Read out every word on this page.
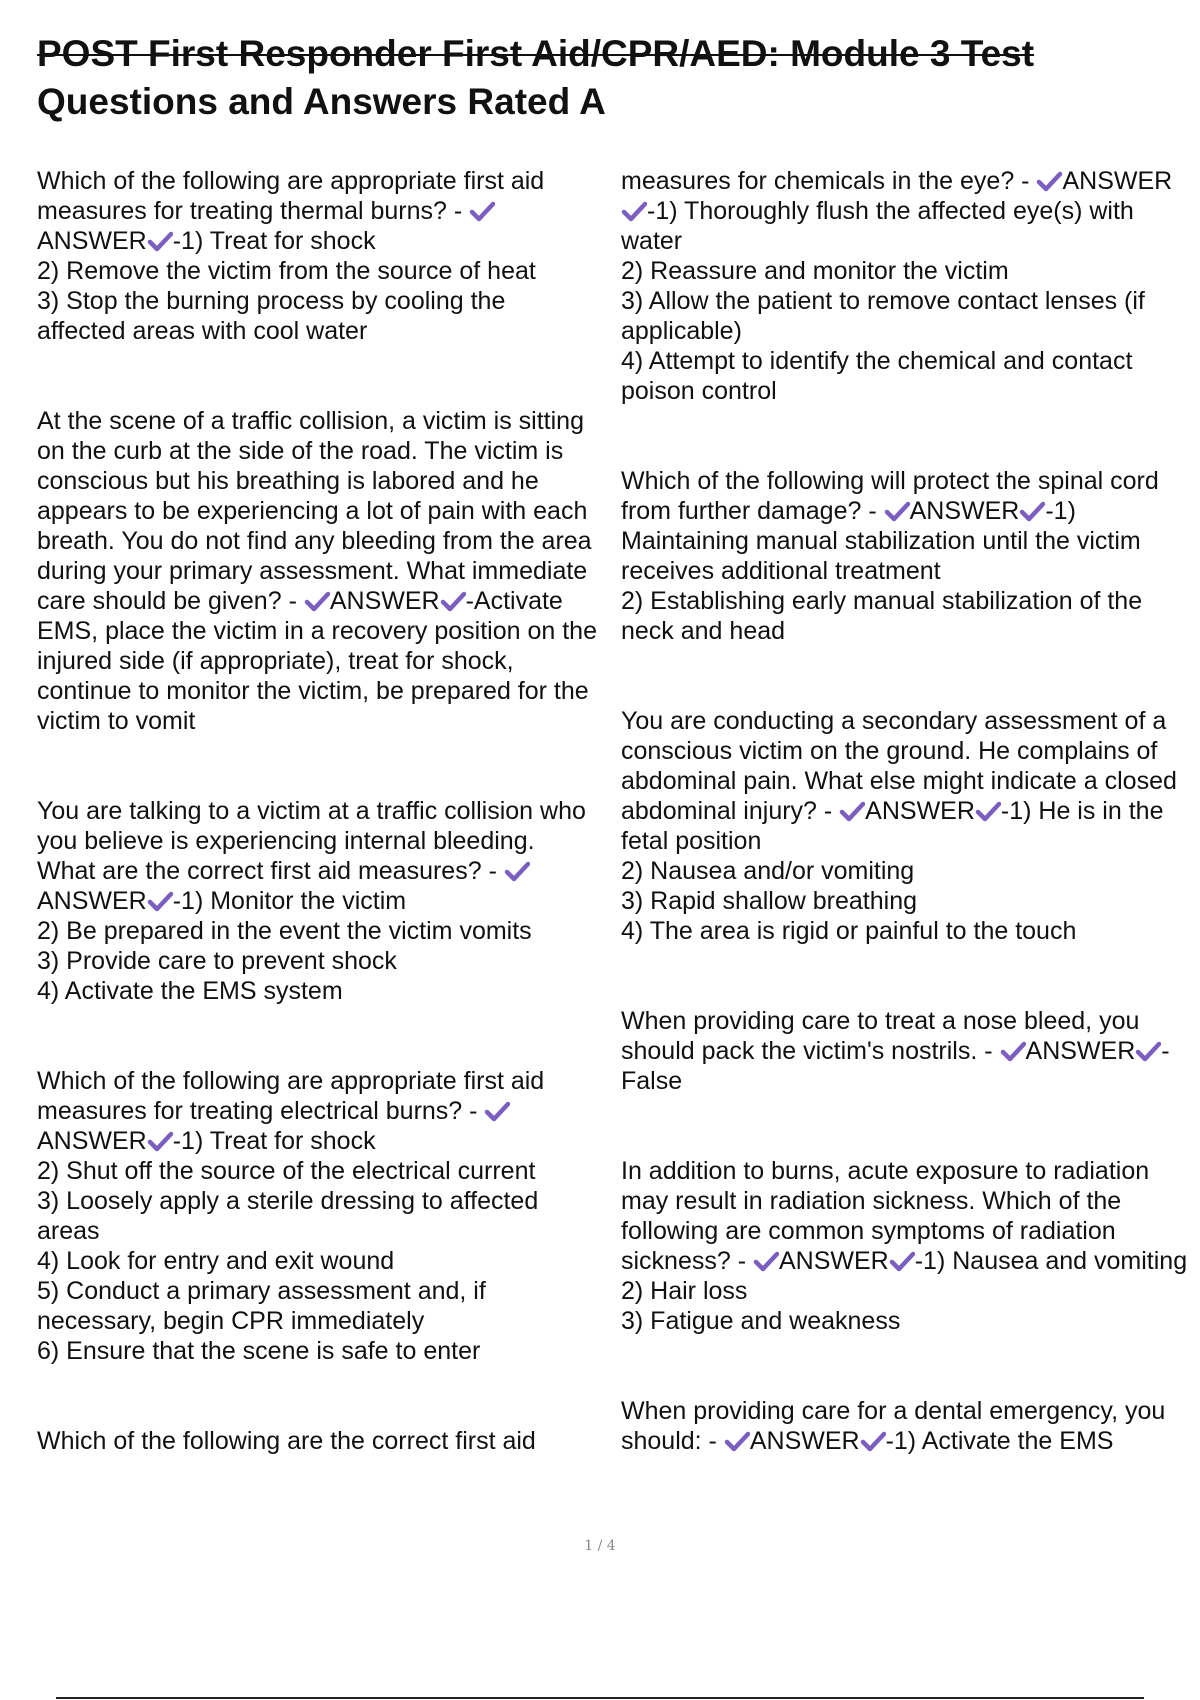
POST First Responder First Aid/CPR/AED: Module 3 Test
Questions and Answers Rated A

Which of the following are appropriate first aid measures for treating thermal burns? -
ANSWER -1) Treat for shock

2) Remove the victim from the source of heat
3) Stop the burning process by cooling the affected areas with cool water

At the scene of a traffic collision, a victim is sitting on the curb at the side of the road. The victim is conscious but his breathing is labored and he appears to be experiencing a lot of pain with each breath. You do not find any bleeding from the area during your primary assessment. What immediate care should be given? - ANSWER -Activate EMS, place the victim in a recovery position on the injured side (if appropriate), treat for shock, continue to monitor the victim, be prepared for the victim to vomit

You are talking to a victim at a traffic collision who you believe is experiencing internal bleeding. What are the correct first aid measures? -
ANSWER -1) Monitor the victim

2) Be prepared in the event the victim vomits
3) Provide care to prevent shock
4) Activate the EMS system

Which of the following are appropriate first aid measures for treating electrical burns? -
ANSWER -1) Treat for shock

2) Shut off the source of the electrical current
3) Loosely apply a sterile dressing to affected areas
4) Look for entry and exit wound
5) Conduct a primary assessment and, if necessary, begin CPR immediately
6) Ensure that the scene is safe to enter

Which of the following are the correct first aid

measures for chemicals in the eye? - ANSWER
-1) Thoroughly flush the affected eye(s) with water

2) Reassure and monitor the victim
3) Allow the patient to remove contact lenses (if applicable)
4) Attempt to identify the chemical and contact poison control

Which of the following will protect the spinal cord from further damage? - ANSWER -1) Maintaining manual stabilization until the victim receives additional treatment

2) Establishing early manual stabilization of the neck and head

You are conducting a secondary assessment of a conscious victim on the ground. He complains of abdominal pain. What else might indicate a closed abdominal injury? - ANSWER -1) He is in the fetal position

2) Nausea and/or vomiting
3) Rapid shallow breathing
4) The area is rigid or painful to the touch

When providing care to treat a nose bleed, you should pack the victim's nostrils. - ANSWER -False

In addition to burns, acute exposure to radiation may result in radiation sickness. Which of the following are common symptoms of radiation sickness? - ANSWER -1) Nausea and vomiting

2) Hair loss
3) Fatigue and weakness

When providing care for a dental emergency, you should: - ANSWER -1) Activate the EMS

1 / 4
